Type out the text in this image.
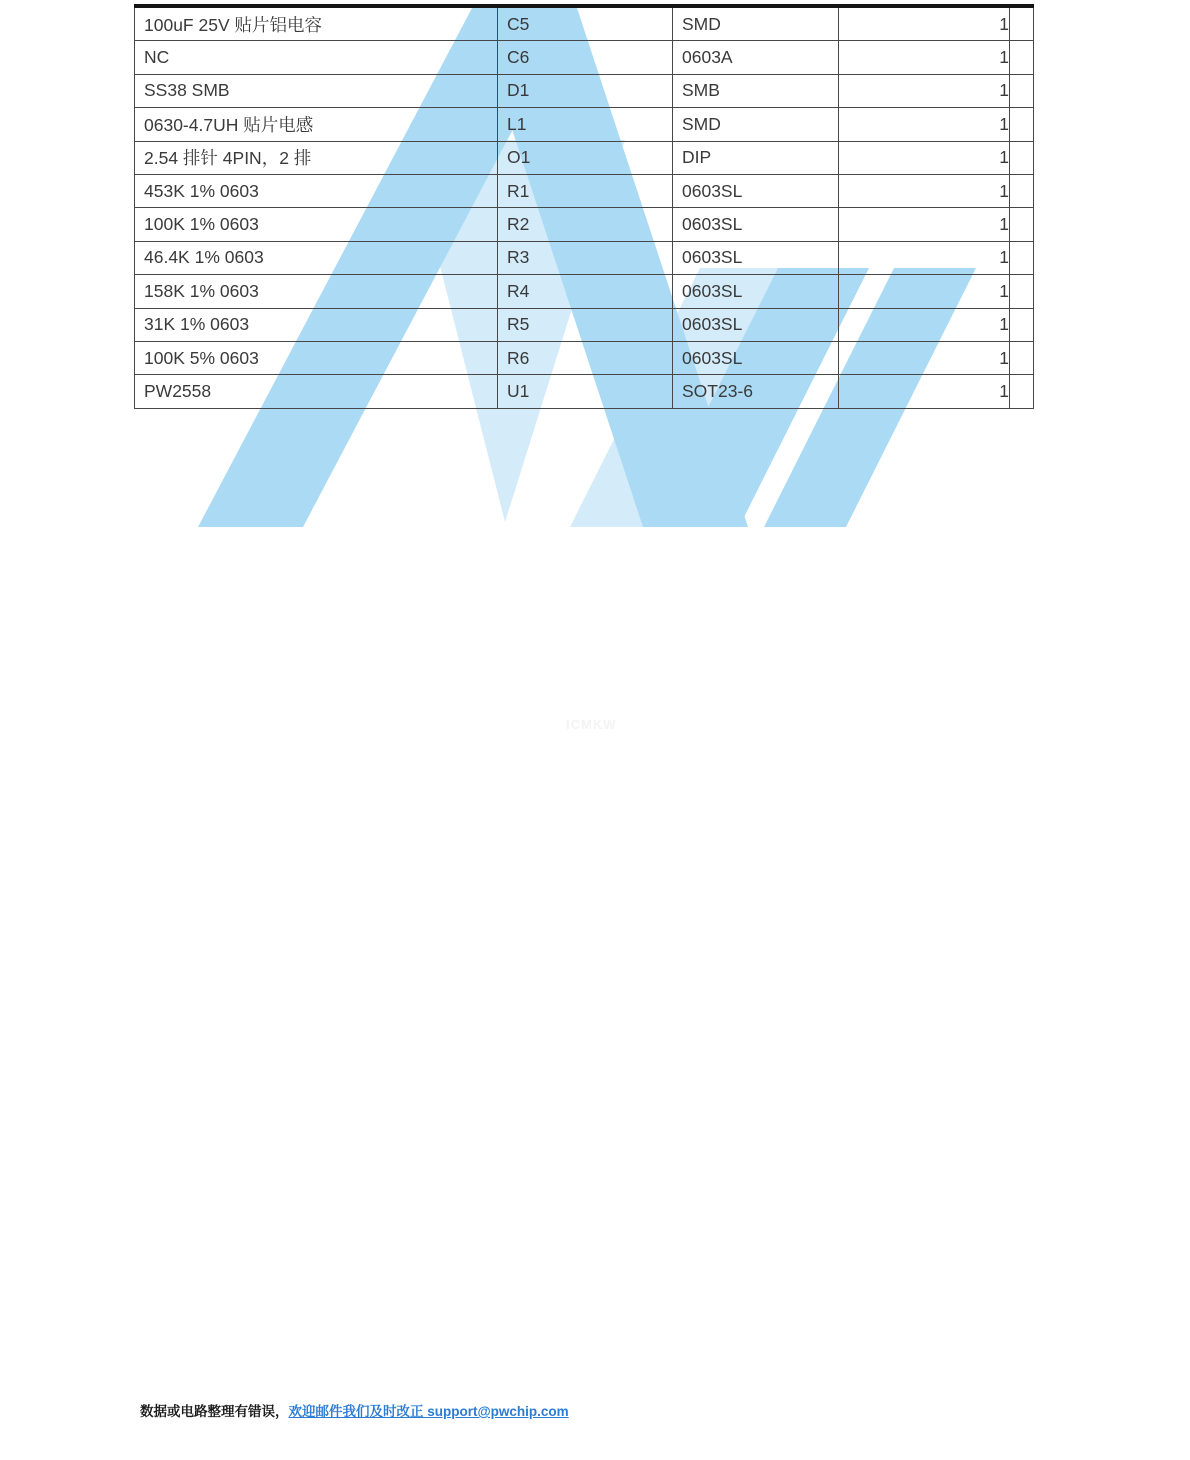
ICMKW
100uF 25V 贴片铝电容	C5	SMD	1	
NC	C6	0603A	1	
SS38 SMB	D1	SMB	1	
0630-4.7UH 贴片电感	L1	SMD	1	
2.54 排针 4PIN，2 排	O1	DIP	1	
453K 1% 0603	R1	0603SL	1	
100K 1% 0603	R2	0603SL	1	
46.4K 1% 0603	R3	0603SL	1	
158K 1% 0603	R4	0603SL	1	
31K 1% 0603	R5	0603SL	1	
100K 5% 0603	R6	0603SL	1	
PW2558	U1	SOT23-6	1	
数据或电路整理有错误，欢迎邮件我们及时改正 support@pwchip.com
